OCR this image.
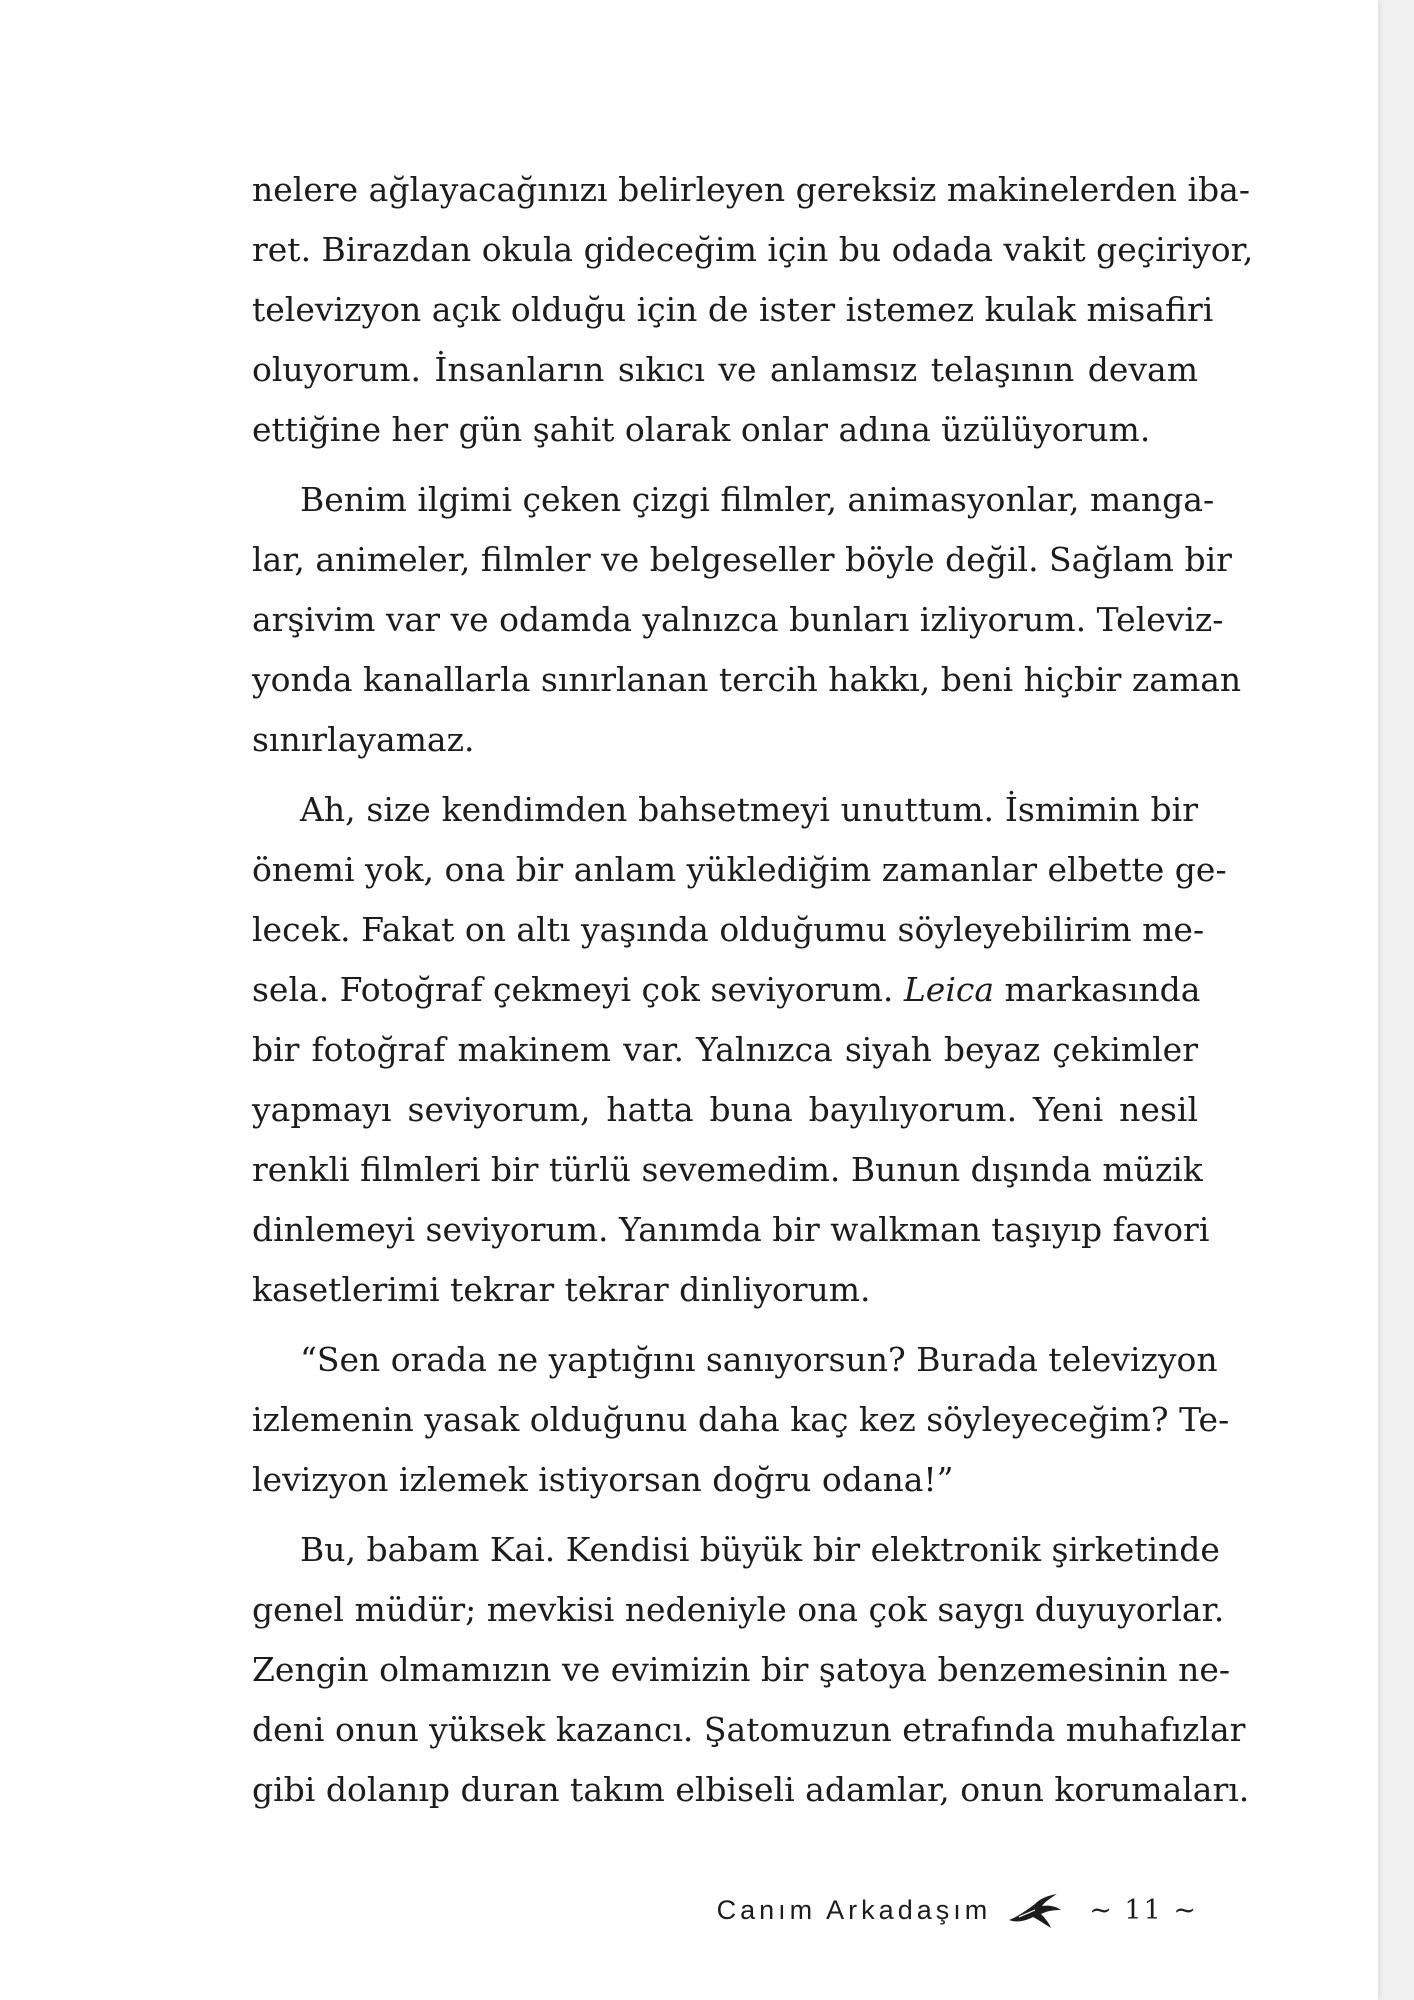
nelere ağlayacağınızı belirleyen gereksiz makinelerden iba-
ret. Birazdan okula gideceğim için bu odada vakit geçiriyor,
televizyon açık olduğu için de ister istemez kulak misafiri
oluyorum. İnsanların sıkıcı ve anlamsız telaşının devam
ettiğine her gün şahit olarak onlar adına üzülüyorum.
Benim ilgimi çeken çizgi filmler, animasyonlar, manga-
lar, animeler, filmler ve belgeseller böyle değil. Sağlam bir
arşivim var ve odamda yalnızca bunları izliyorum. Televiz-
yonda kanallarla sınırlanan tercih hakkı, beni hiçbir zaman
sınırlayamaz.
Ah, size kendimden bahsetmeyi unuttum. İsmimin bir
önemi yok, ona bir anlam yüklediğim zamanlar elbette ge-
lecek. Fakat on altı yaşında olduğumu söyleyebilirim me-
sela. Fotoğraf çekmeyi çok seviyorum. Leica markasında
bir fotoğraf makinem var. Yalnızca siyah beyaz çekimler
yapmayı seviyorum, hatta buna bayılıyorum. Yeni nesil
renkli filmleri bir türlü sevemedim. Bunun dışında müzik
dinlemeyi seviyorum. Yanımda bir walkman taşıyıp favori
kasetlerimi tekrar tekrar dinliyorum.
“Sen orada ne yaptığını sanıyorsun? Burada televizyon
izlemenin yasak olduğunu daha kaç kez söyleyeceğim? Te-
levizyon izlemek istiyorsan doğru odana!”
Bu, babam Kai. Kendisi büyük bir elektronik şirketinde
genel müdür; mevkisi nedeniyle ona çok saygı duyuyorlar.
Zengin olmamızın ve evimizin bir şatoya benzemesinin ne-
deni onun yüksek kazancı. Şatomuzun etrafında muhafızlar
gibi dolanıp duran takım elbiseli adamlar, onun korumaları.
Canım Arkadaşım	~ 11 ~
